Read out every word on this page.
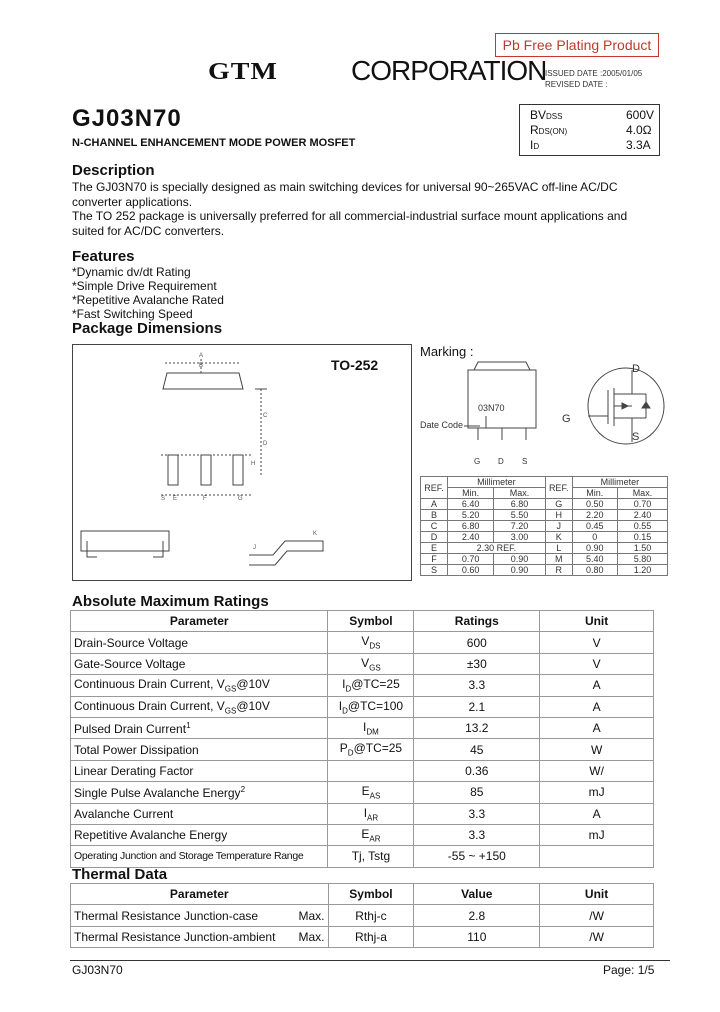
GTM	CORPORATION
Pb Free Plating Product
ISSUED DATE :2005/01/05
REVISED DATE :
GJ03N70
N-CHANNEL ENHANCEMENT MODE POWER MOSFET
BVDSS	600V
RDS(ON)	4.0Ω
ID	3.3A
Description
The GJ03N70 is specially designed as main switching devices for universal 90~265VAC off-line AC/DC converter applications.
The TO 252 package is universally preferred for all commercial-industrial surface mount applications and suited for AC/DC converters.
Features
*Dynamic dv/dt Rating
*Simple Drive Requirement
*Repetitive Avalanche Rated
*Fast Switching Speed
Package Dimensions
TO-252
A
B
C
D
E	F	G
H
J
K
S
Marking :
03N70
Date Code
G D S
D
G
S
REF.	Millimeter		REF.	Millimeter	
	Min.	Max.		Min.	Max.
A	6.40	6.80	G	0.50	0.70
B	5.20	5.50	H	2.20	2.40
C	6.80	7.20	J	0.45	0.55
D	2.40	3.00	K	0	0.15
E	2.30 REF.		L	0.90	1.50
F	0.70	0.90	M	5.40	5.80
S	0.60	0.90	R	0.80	1.20
Absolute Maximum Ratings
Parameter	Symbol	Ratings	Unit
Drain-Source Voltage	$V_{DS}$	600	V
Gate-Source Voltage	$V_{GS}$	±30	V
Continuous Drain Current, $V_{GS}@10V$	$I_D@TC=25$	3.3	A
Continuous Drain Current, $V_{GS}@10V$	$I_D@TC=100$	2.1	A
Pulsed Drain Current$^1$	$I_{DM}$	13.2	A
Total Power Dissipation	$P_D@TC=25$	45	W
Linear Derating Factor		0.36	W/
Single Pulse Avalanche Energy$^2$	$E_{AS}$	85	mJ
Avalanche Current	$I_{AR}$	3.3	A
Repetitive Avalanche Energy	$E_{AR}$	3.3	mJ
Operating Junction and Storage Temperature Range	Tj, Tstg	-55 ~ +150	
Thermal Data
Parameter	Symbol	Value	Unit
Thermal Resistance Junction-case Max.	Rthj-c	2.8	/W
Thermal Resistance Junction-ambient Max.	Rthj-a	110	/W
GJ03N70	Page: 1/5
